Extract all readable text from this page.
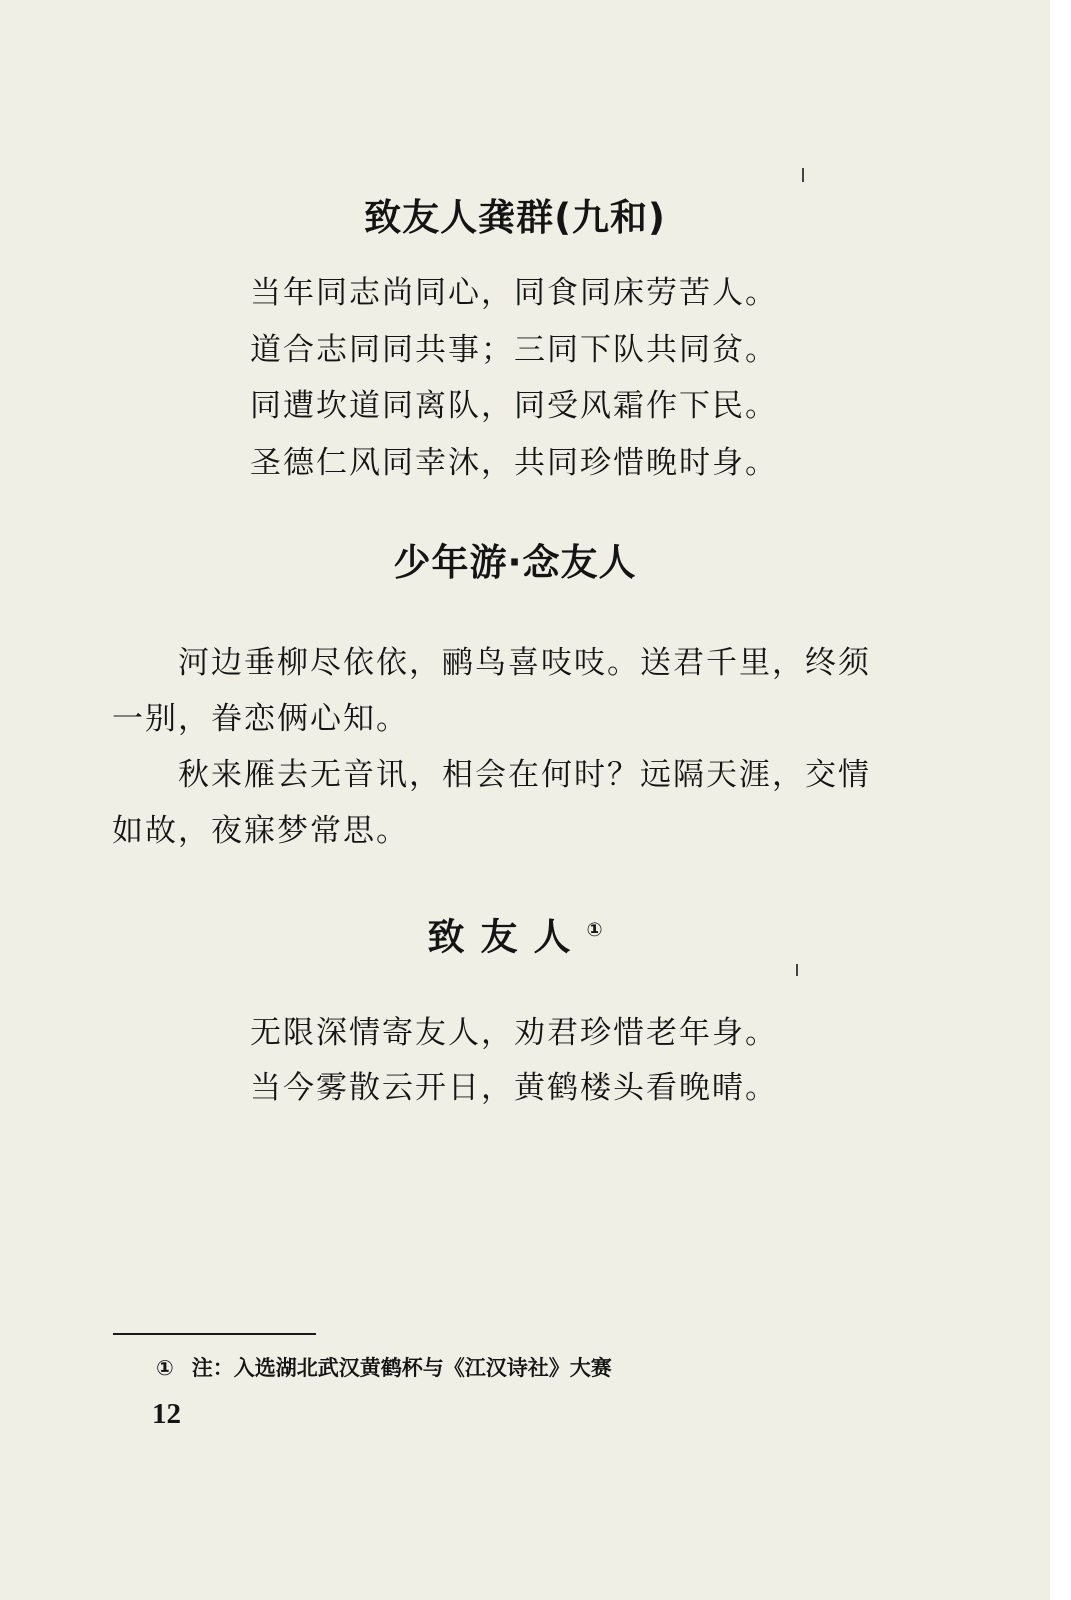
致友人龚群(九和)

当年同志尚同心，同食同床劳苦人。

道合志同同共事；三同下队共同贫。

同遭坎道同离队，同受风霜作下民。

圣德仁风同幸沐，共同珍惜晚时身。

少年游·念友人

　　河边垂柳尽依依，鹂鸟喜吱吱。送君千里，终须

一别，眷恋俩心知。

　　秋来雁去无音讯，相会在何时？远隔天涯，交情

如故，夜寐梦常思。

致友人①

无限深情寄友人，劝君珍惜老年身。

当今雾散云开日，黄鹤楼头看晚晴。

① 注：入选湖北武汉黄鹤杯与《江汉诗社》大赛
12
